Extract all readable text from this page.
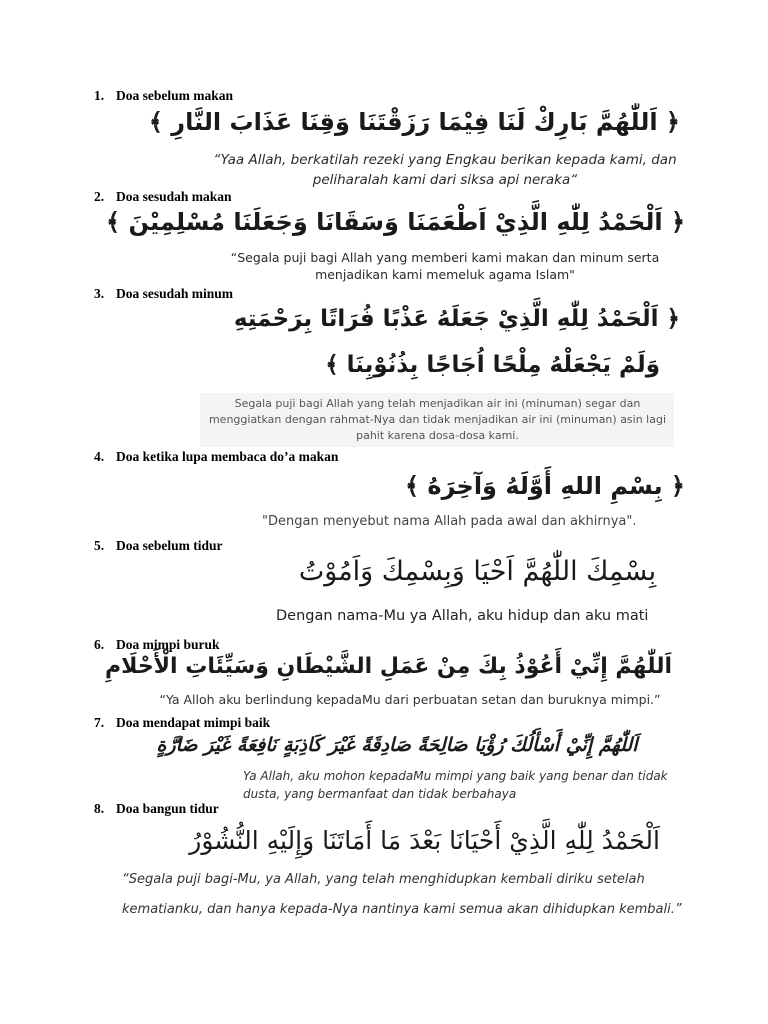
1. Doa sebelum makan
﴿ اَللّٰهُمَّ بَارِكْ لَنَا فِيْمَا رَزَقْتَنَا وَقِنَا عَذَابَ النَّارِ ﴾
“Yaa Allah, berkatilah rezeki yang Engkau berikan kepada kami, dan peliharalah kami dari siksa api neraka“
2. Doa sesudah makan
﴿ اَلْحَمْدُ لِلّٰهِ الَّذِيْ اَطْعَمَنَا وَسَقَانَا وَجَعَلَنَا مُسْلِمِيْنَ ﴾
“Segala puji bagi Allah yang memberi kami makan dan minum serta menjadikan kami memeluk agama Islam"
3. Doa sesudah minum
﴿ اَلْحَمْدُ لِلّٰهِ الَّذِيْ جَعَلَهُ عَذْبًا فُرَاتًا بِرَحْمَتِهِ
وَلَمْ يَجْعَلْهُ مِلْحًا اُجَاجًا بِذُنُوْبِنَا ﴾
Segala puji bagi Allah yang telah menjadikan air ini (minuman) segar dan menggiatkan dengan rahmat-Nya dan tidak menjadikan air ini (minuman) asin lagi pahit karena dosa-dosa kami.
4. Doa ketika lupa membaca do’a makan
﴿ بِسْمِ اللهِ أَوَّلَهُ وَآخِرَهُ ﴾
"Dengan menyebut nama Allah pada awal dan akhirnya".
5. Doa sebelum tidur
بِسْمِكَ اللّٰهُمَّ اَحْيَا وَبِسْمِكَ وَاَمُوْتُ
Dengan nama-Mu ya Allah, aku hidup dan aku mati
6. Doa mimpi buruk
اَللّٰهُمَّ إِنِّيْ أَعُوْذُ بِكَ مِنْ عَمَلِ الشَّيْطَانِ وَسَيِّئَاتِ الْأَحْلَامِ
“Ya Alloh aku berlindung kepadaMu dari perbuatan setan dan buruknya mimpi.”
7. Doa mendapat mimpi baik
اَللّٰهُمَّ إِنِّيْ أَسْأَلُكَ رُؤْيَا صَالِحَةً صَادِقَةً غَيْرَ كَاذِبَةٍ نَافِعَةً غَيْرَ ضَارَّةٍ
Ya Allah, aku mohon kepadaMu mimpi yang baik yang benar dan tidak dusta, yang bermanfaat dan tidak berbahaya
8. Doa bangun tidur
اَلْحَمْدُ لِلّٰهِ الَّذِيْ أَحْيَانَا بَعْدَ مَا أَمَاتَنَا وَإِلَيْهِ النُّشُوْرُ
“Segala puji bagi-Mu, ya Allah, yang telah menghidupkan kembali diriku setelah
kematianku, dan hanya kepada-Nya nantinya kami semua akan dihidupkan kembali.”
